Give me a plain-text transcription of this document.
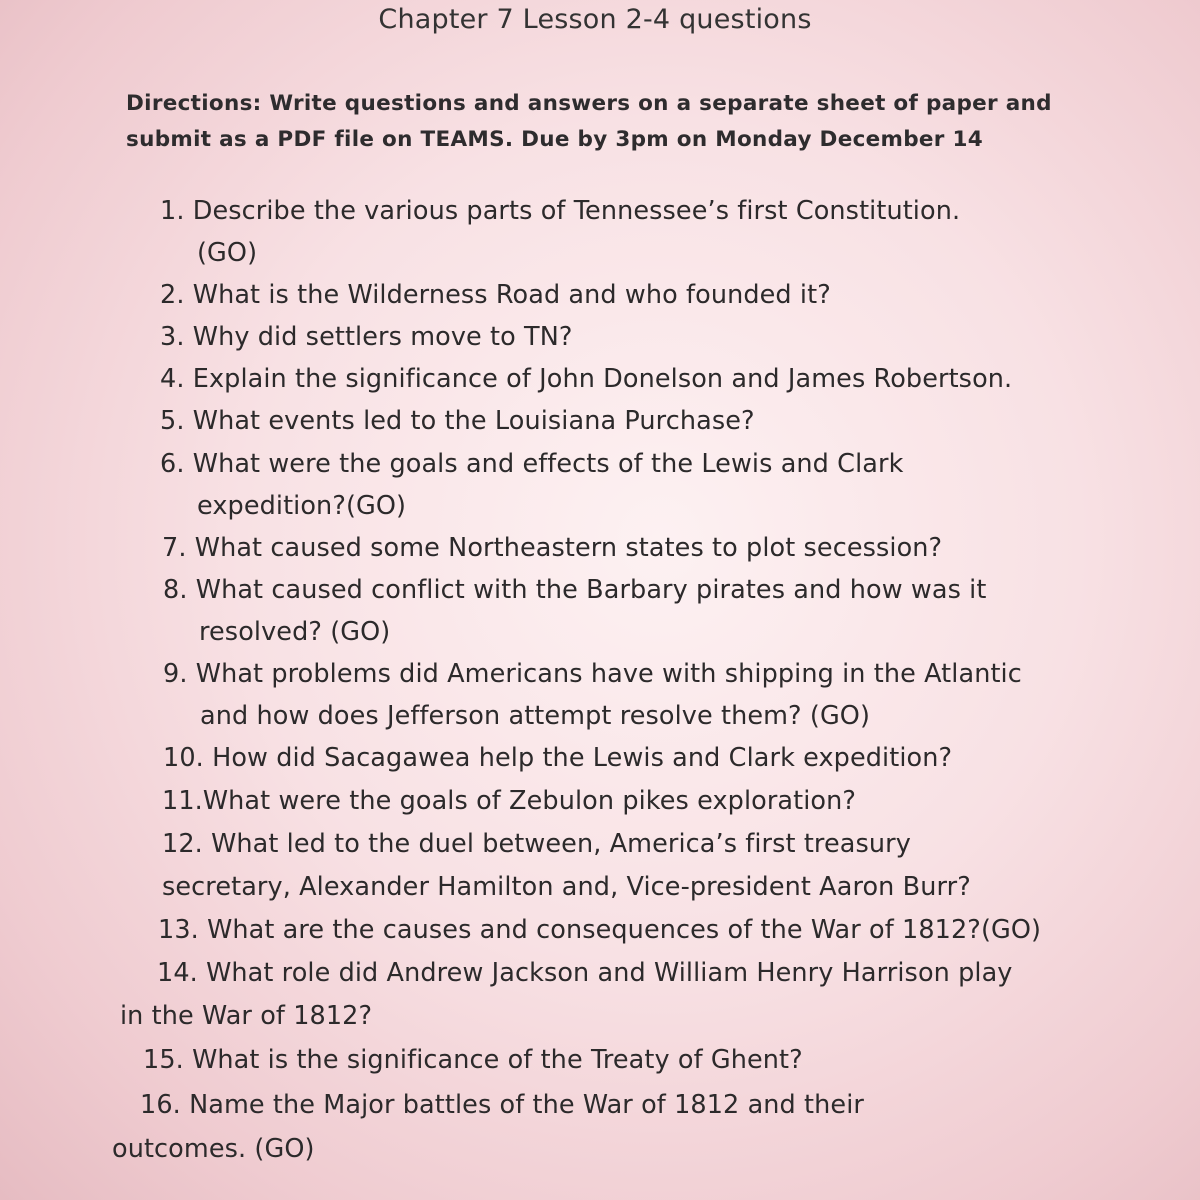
Chapter 7 Lesson 2-4 questions
Directions: Write questions and answers on a separate sheet of paper and
submit as a PDF file on TEAMS. Due by 3pm on Monday December 14
1. Describe the various parts of Tennessee’s first Constitution.
(GO)
2. What is the Wilderness Road and who founded it?
3. Why did settlers move to TN?
4. Explain the significance of John Donelson and James Robertson.
5. What events led to the Louisiana Purchase?
6. What were the goals and effects of the Lewis and Clark
expedition?(GO)
7. What caused some Northeastern states to plot secession?
8. What caused conflict with the Barbary pirates and how was it
resolved? (GO)
9. What problems did Americans have with shipping in the Atlantic
and how does Jefferson attempt resolve them? (GO)
10. How did Sacagawea help the Lewis and Clark expedition?
11.What were the goals of Zebulon pikes exploration?
12. What led to the duel between, America’s first treasury
secretary, Alexander Hamilton and, Vice-president Aaron Burr?
13. What are the causes and consequences of the War of 1812?(GO)
14. What role did Andrew Jackson and William Henry Harrison play
in the War of 1812?
15. What is the significance of the Treaty of Ghent?
16. Name the Major battles of the War of 1812 and their
outcomes. (GO)
